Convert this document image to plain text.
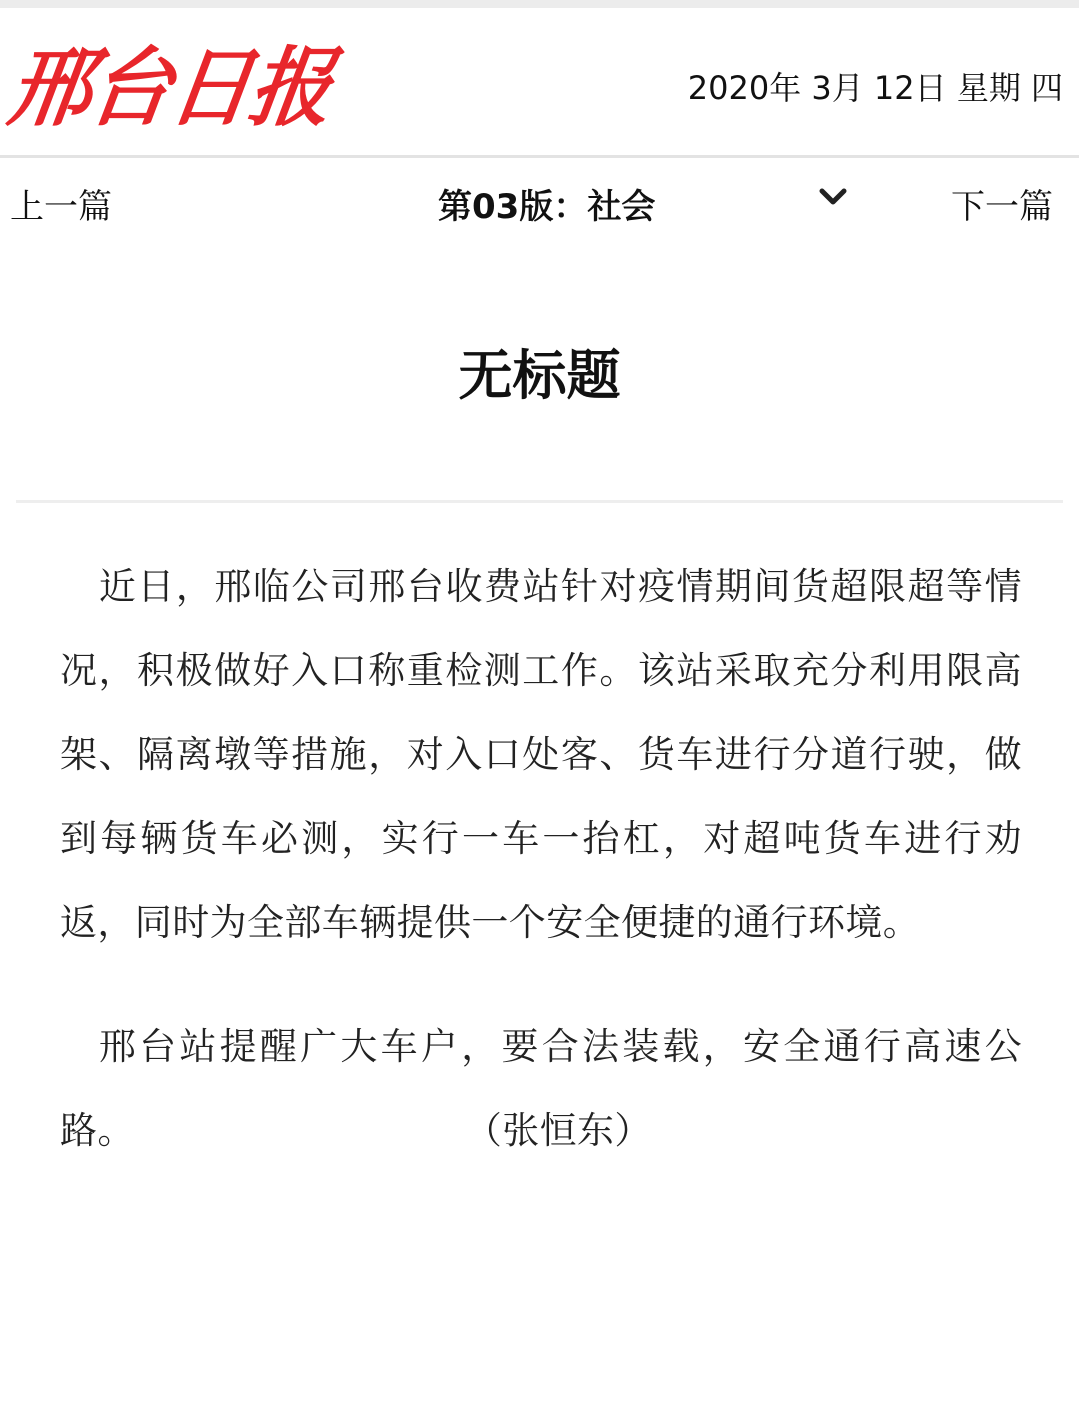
邢台日报	2020年 3月 12日 星期 四
上一篇	第03版：社会	下一篇
无标题

近日，邢临公司邢台收费站针对疫情期间货超限超等情况，积极做好入口称重检测工作。该站采取充分利用限高架、隔离墩等措施，对入口处客、货车进行分道行驶，做到每辆货车必测，实行一车一抬杠，对超吨货车进行劝返，同时为全部车辆提供一个安全便捷的通行环境。

邢台站提醒广大车户，要合法装载，安全通行高速公路。	（张恒东）
